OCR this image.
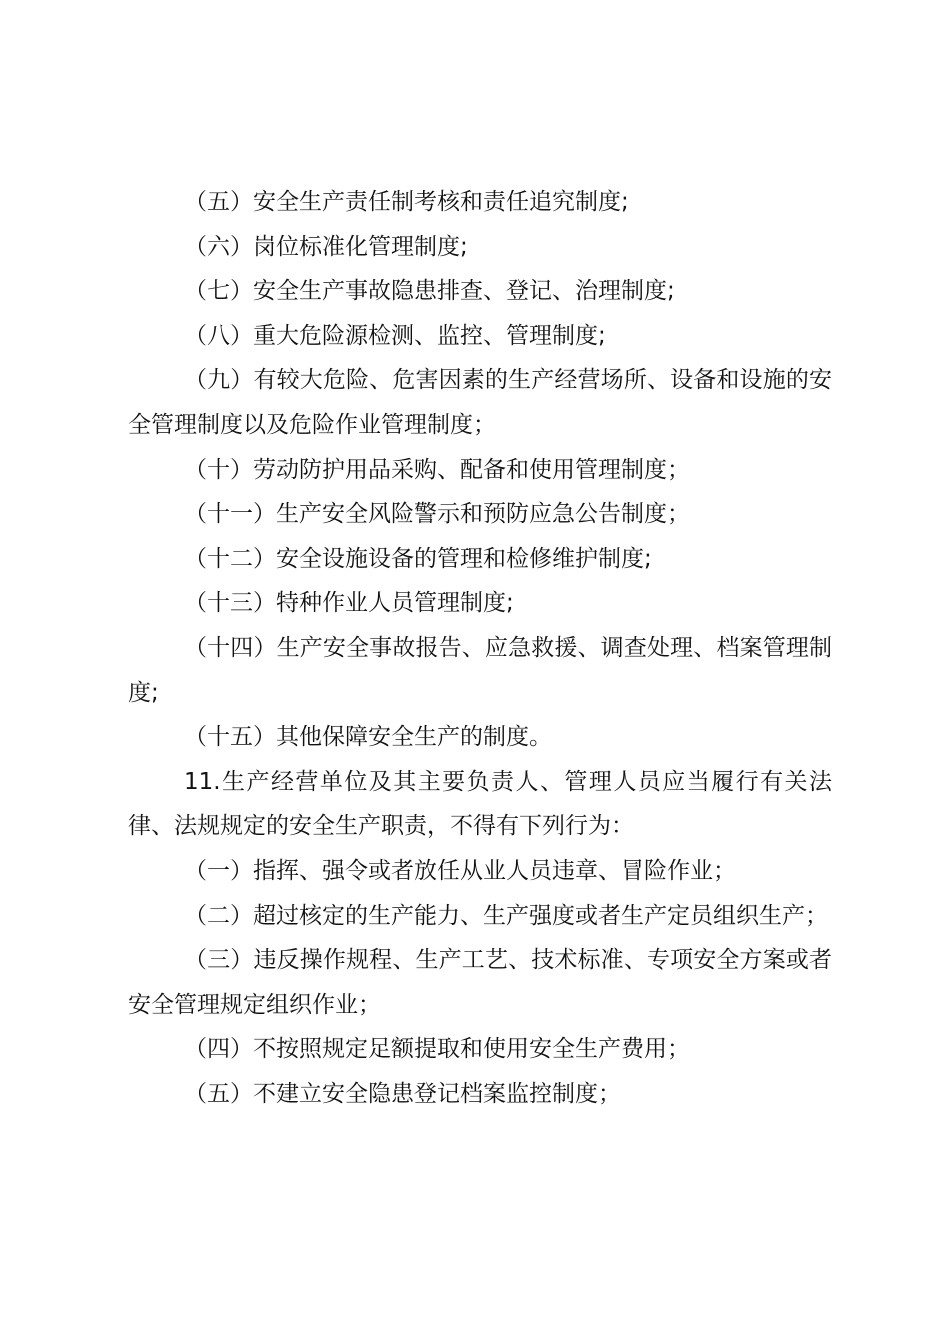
（五）安全生产责任制考核和责任追究制度;

（六）岗位标准化管理制度;

（七）安全生产事故隐患排查、登记、治理制度;

（八）重大危险源检测、监控、管理制度;

（九）有较大危险、危害因素的生产经营场所、设备和设施的安全管理制度以及危险作业管理制度；

（十）劳动防护用品采购、配备和使用管理制度；

（十一）生产安全风险警示和预防应急公告制度；

（十二）安全设施设备的管理和检修维护制度;

（十三）特种作业人员管理制度;

（十四）生产安全事故报告、应急救援、调查处理、档案管理制度;

（十五）其他保障安全生产的制度。

11.生产经营单位及其主要负责人、管理人员应当履行有关法律、法规规定的安全生产职责，不得有下列行为：

（一）指挥、强令或者放任从业人员违章、冒险作业；

（二）超过核定的生产能力、生产强度或者生产定员组织生产；

（三）违反操作规程、生产工艺、技术标准、专项安全方案或者安全管理规定组织作业；

（四）不按照规定足额提取和使用安全生产费用；

（五）不建立安全隐患登记档案监控制度；
